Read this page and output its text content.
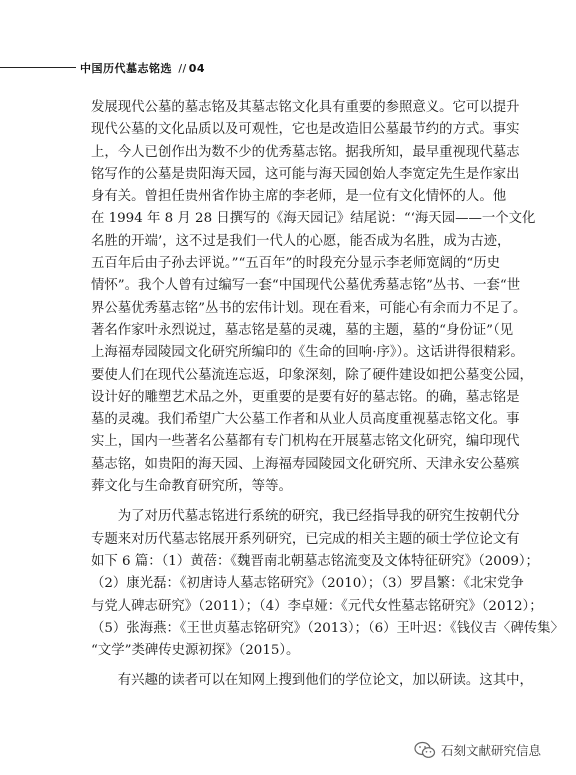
中国历代墓志铭选 // 04
发展现代公墓的墓志铭及其墓志铭文化具有重要的参照意义。它可以提升
现代公墓的文化品质以及可观性，它也是改造旧公墓最节约的方式。事实
上，今人已创作出为数不少的优秀墓志铭。据我所知，最早重视现代墓志
铭写作的公墓是贵阳海天园，这可能与海天园创始人李宽定先生是作家出
身有关。曾担任贵州省作协主席的李老师，是一位有文化情怀的人。他
在 1994 年 8 月 28 日撰写的《海天园记》结尾说：“‘海天园——一个文化
名胜的开端’，这不过是我们一代人的心愿，能否成为名胜，成为古迹，
五百年后由子孙去评说。”“五百年”的时段充分显示李老师宽阔的“历史
情怀”。我个人曾有过编写一套“中国现代公墓优秀墓志铭”丛书、一套“世
界公墓优秀墓志铭”丛书的宏伟计划。现在看来，可能心有余而力不足了。
著名作家叶永烈说过，墓志铭是墓的灵魂，墓的主题，墓的“身份证”（见
上海福寿园陵园文化研究所编印的《生命的回响·序》）。这话讲得很精彩。
要使人们在现代公墓流连忘返，印象深刻，除了硬件建设如把公墓变公园，
设计好的雕塑艺术品之外，更重要的是要有好的墓志铭。的确，墓志铭是
墓的灵魂。我们希望广大公墓工作者和从业人员高度重视墓志铭文化。事
实上，国内一些著名公墓都有专门机构在开展墓志铭文化研究，编印现代
墓志铭，如贵阳的海天园、上海福寿园陵园文化研究所、天津永安公墓殡
葬文化与生命教育研究所，等等。
　　为了对历代墓志铭进行系统的研究，我已经指导我的研究生按朝代分
专题来对历代墓志铭展开系列研究，已完成的相关主题的硕士学位论文有
如下 6 篇：（1）黄蓓：《魏晋南北朝墓志铭流变及文体特征研究》（2009）；
（2）康光磊：《初唐诗人墓志铭研究》（2010）；（3）罗昌繁：《北宋党争
与党人碑志研究》（2011）；（4）李卓娅：《元代女性墓志铭研究》（2012）；
（5）张海燕：《王世贞墓志铭研究》（2013）；（6）王叶迟：《钱仪吉〈碑传集〉
“文学”类碑传史源初探》（2015）。
　　有兴趣的读者可以在知网上搜到他们的学位论文，加以研读。这其中，
石刻文献研究信息
